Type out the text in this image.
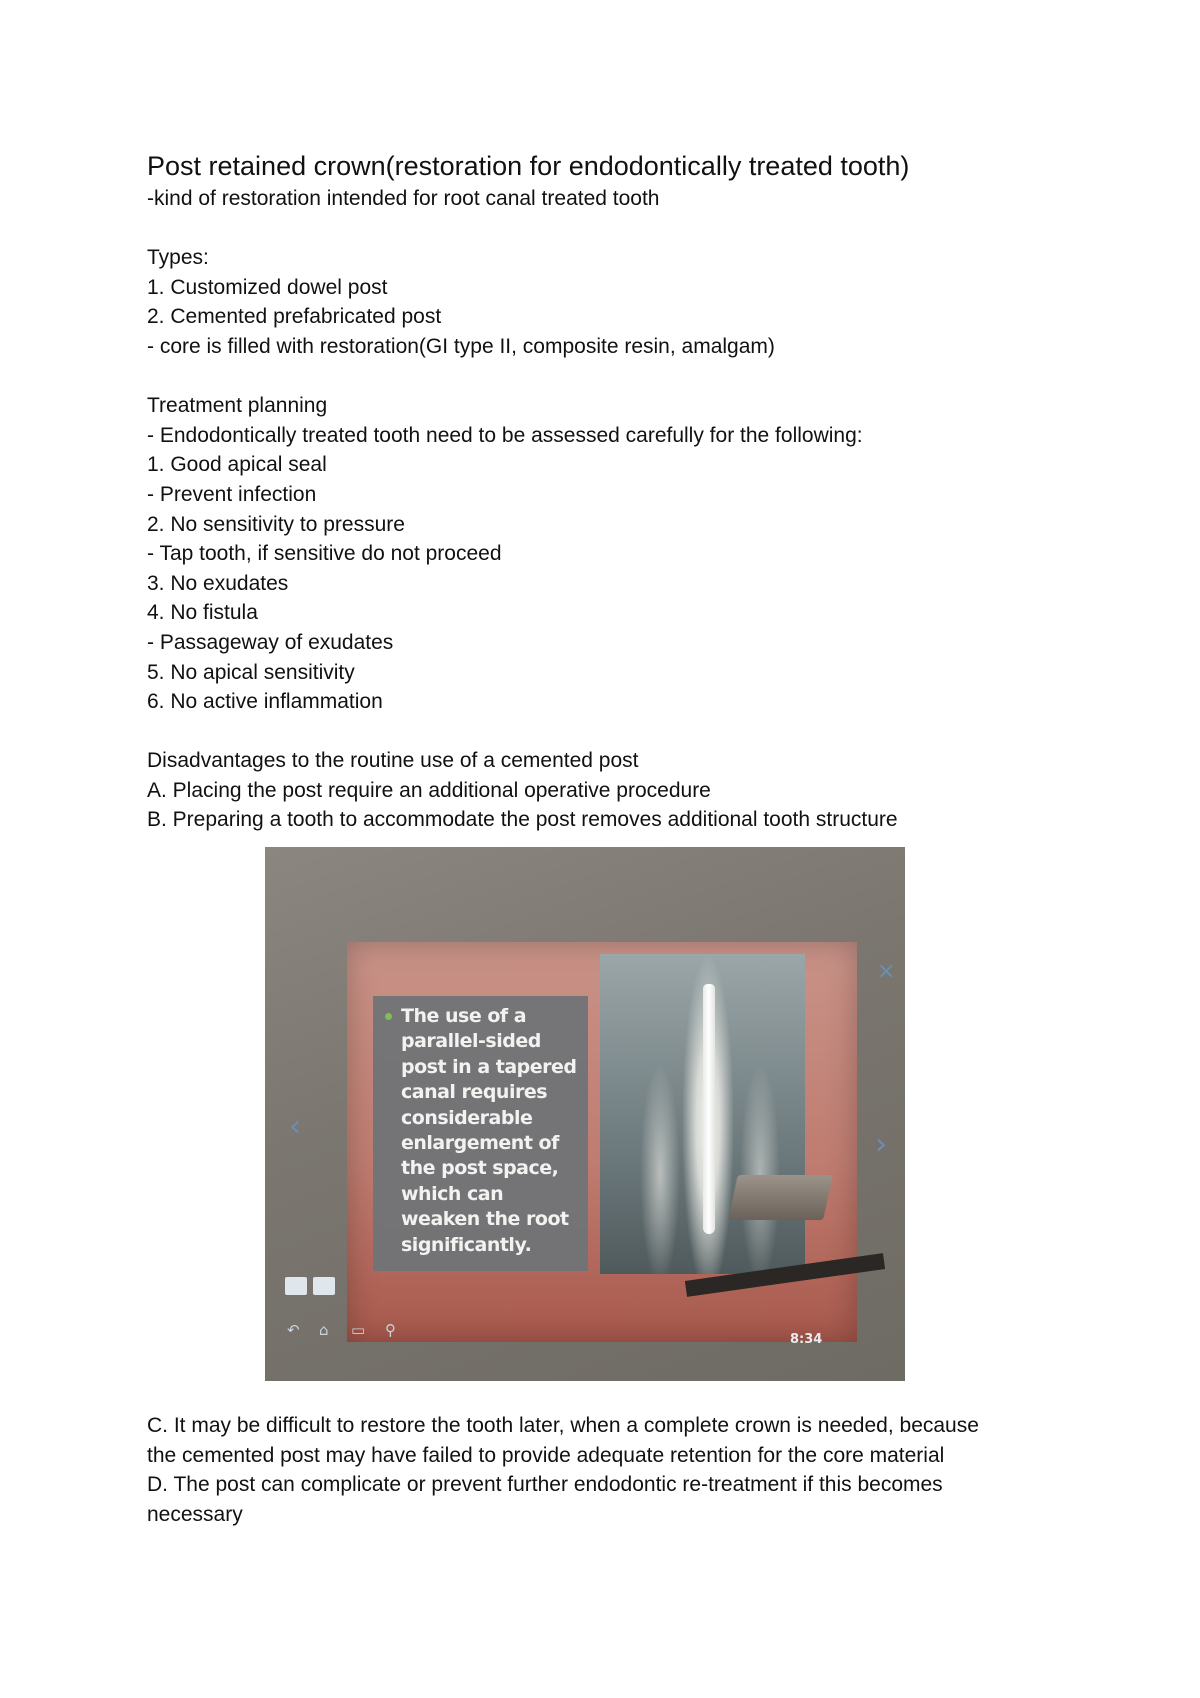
Post retained crown(restoration for endodontically treated tooth)

-kind of restoration intended for root canal treated tooth

Types:

1. Customized dowel post

2. Cemented prefabricated post

- core is filled with restoration(GI type II, composite resin, amalgam)

Treatment planning

- Endodontically treated tooth need to be assessed carefully for the following:

1. Good apical seal

- Prevent infection

2. No sensitivity to pressure

- Tap tooth, if sensitive do not proceed

3. No exudates

4. No fistula

- Passageway of exudates

5. No apical sensitivity

6. No active inflammation

Disadvantages to the routine use of a cemented post

A. Placing the post require an additional operative procedure

B. Preparing a tooth to accommodate the post removes additional tooth structure

The use of a
parallel-sided
post in a tapered
canal requires
considerable
enlargement of
the post space,
which can
weaken the root
significantly.
‹
›
×
↶ ⌂ ▭ ⚲
8:34

C. It may be difficult to restore the tooth later, when a complete crown is needed, because

the cemented post may have failed to provide adequate retention for the core material

D. The post can complicate or prevent further endodontic re-treatment if this becomes

necessary
